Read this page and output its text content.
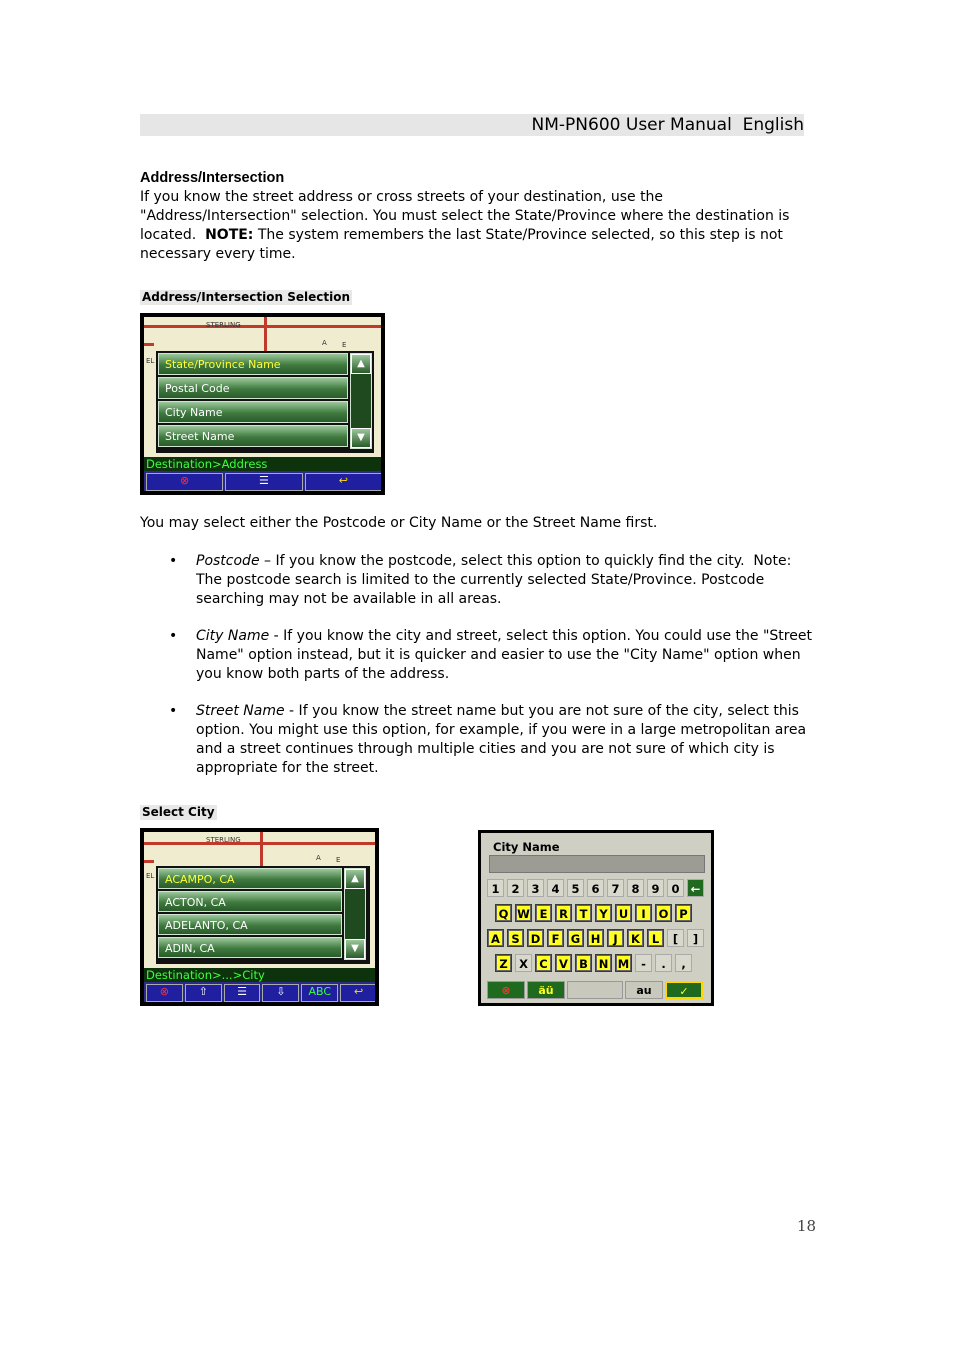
NM-PN600 User Manual  English
Address/Intersection
If you know the street address or cross streets of your destination, use the
"Address/Intersection" selection. You must select the State/Province where the destination is
located.  NOTE: The system remembers the last State/Province selected, so this step is not
necessary every time.
Address/Intersection Selection
STERLING
A E
EL State/Province Name
Postal Code
City Name
Street Name
▲
▼
Destination>Address
⊗	☰	↩
You may select either the Postcode or City Name or the Street Name first.
• Postcode – If you know the postcode, select this option to quickly find the city.  Note:
The postcode search is limited to the currently selected State/Province. Postcode
searching may not be available in all areas.
• City Name - If you know the city and street, select this option. You could use the "Street
Name" option instead, but it is quicker and easier to use the "City Name" option when
you know both parts of the address.
• Street Name - If you know the street name but you are not sure of the city, select this
option. You might use this option, for example, if you were in a large metropolitan area
and a street continues through multiple cities and you are not sure of which city is
appropriate for the street.
Select City
STERLING
A E
EL ACAMPO, CA
ACTON, CA
ADELANTO, CA
ADIN, CA
▲
▼
Destination>...>City
⊗	⇧	☰	⇩	ABC	↩
City Name
1	2	3	4	5	6	7	8	9	0 ←
Q W E	R	T	Y U	I	O P
A S D F G H	J	K	L	[	]
Z X C V B N M	-	.	,
⊗	äü	au	✓
18
